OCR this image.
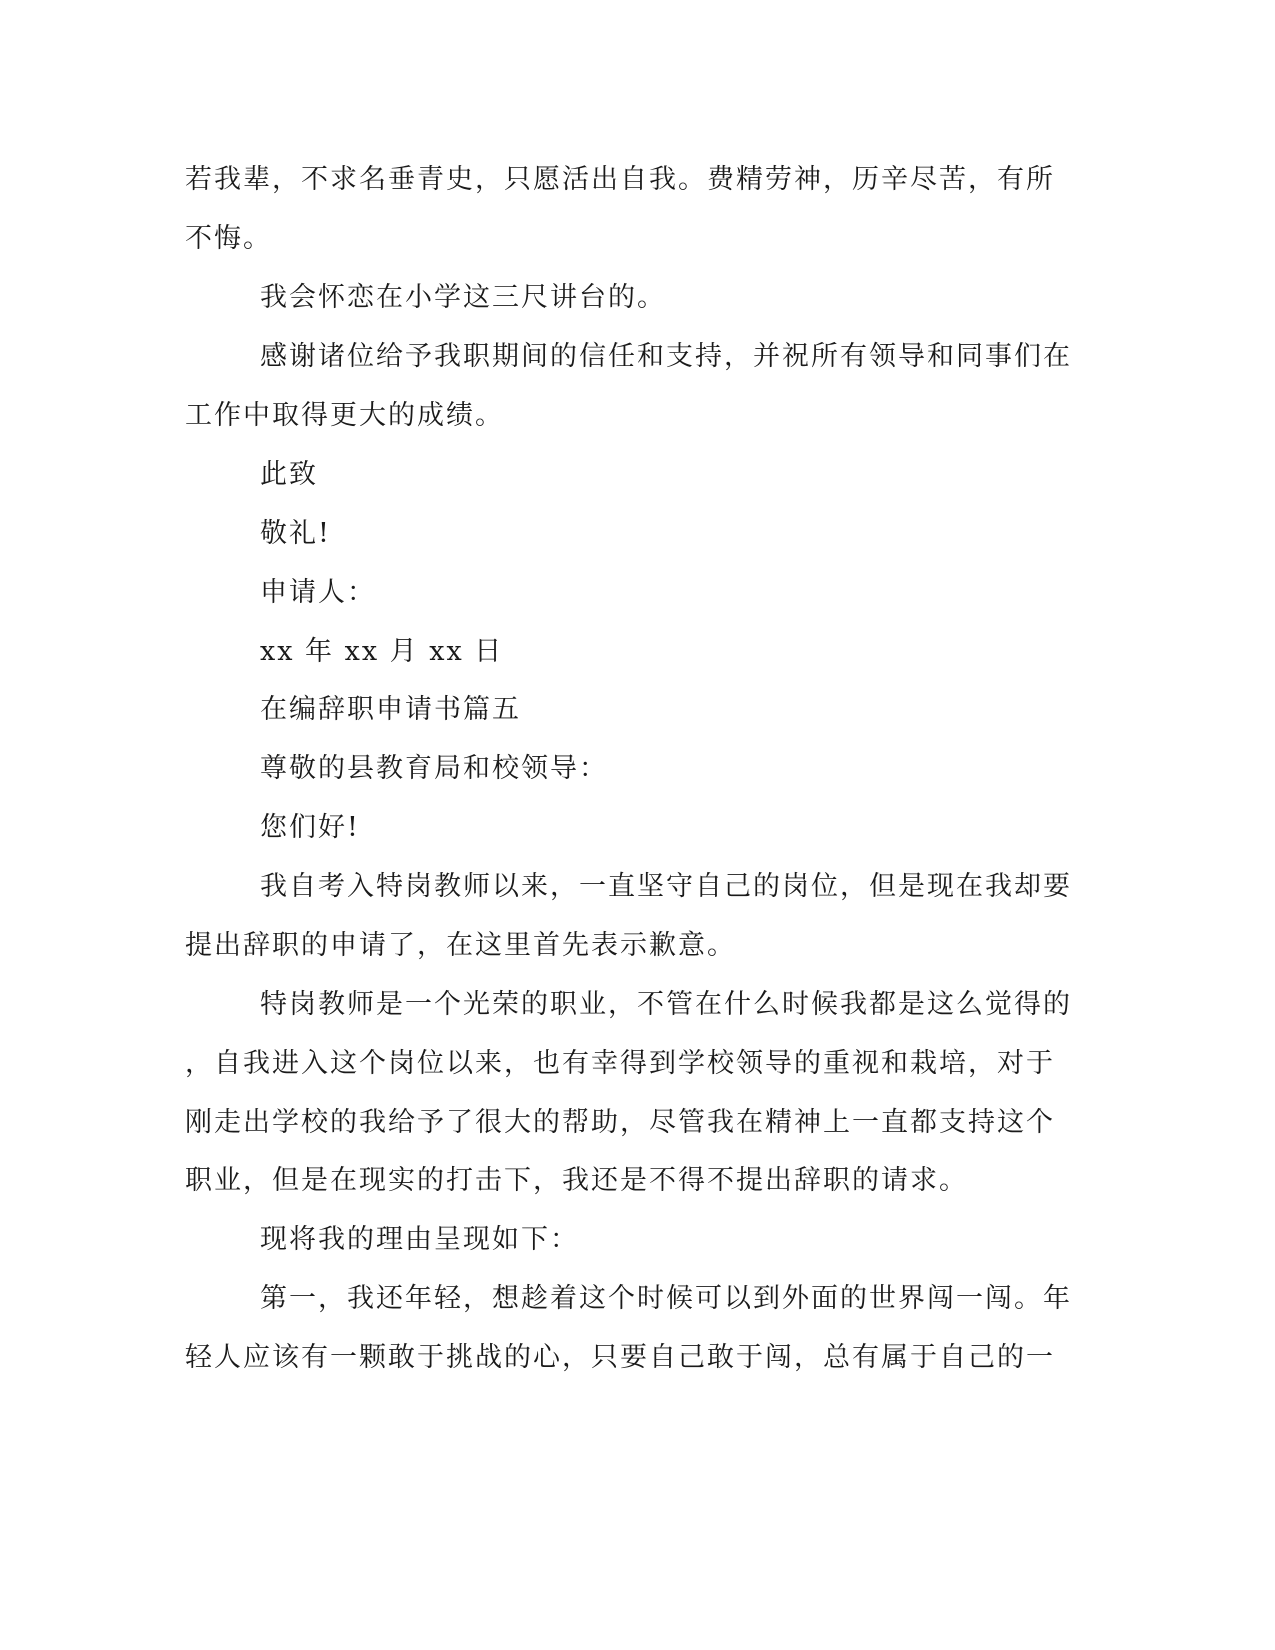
若我辈，不求名垂青史，只愿活出自我。费精劳神，历辛尽苦，有所
不悔。
我会怀恋在小学这三尺讲台的。
感谢诸位给予我职期间的信任和支持，并祝所有领导和同事们在
工作中取得更大的成绩。
此致
敬礼!
申请人：
xx 年 xx 月 xx 日
在编辞职申请书篇五
尊敬的县教育局和校领导：
您们好!
我自考入特岗教师以来，一直坚守自己的岗位，但是现在我却要
提出辞职的申请了，在这里首先表示歉意。
特岗教师是一个光荣的职业，不管在什么时候我都是这么觉得的
，自我进入这个岗位以来，也有幸得到学校领导的重视和栽培，对于
刚走出学校的我给予了很大的帮助，尽管我在精神上一直都支持这个
职业，但是在现实的打击下，我还是不得不提出辞职的请求。
现将我的理由呈现如下：
第一，我还年轻，想趁着这个时候可以到外面的世界闯一闯。年
轻人应该有一颗敢于挑战的心，只要自己敢于闯，总有属于自己的一
